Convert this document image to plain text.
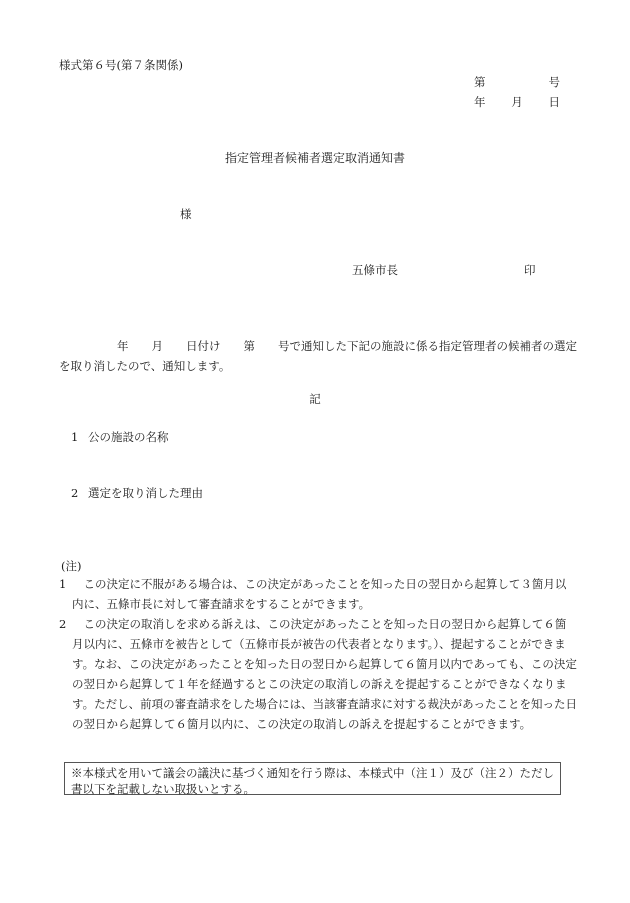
様式第６号(第７条関係)
第	号
年 月 日
指定管理者候補者選定取消通知書
様
五條市長	印
年　　月　　日付け　　第　　号で通知した下記の施設に係る指定管理者の候補者の選定を取り消したので、通知します。
記
1 公の施設の名称
2 選定を取り消した理由
(注)

1 　この決定に不服がある場合は、この決定があったことを知った日の翌日から起算して３箇月以内に、五條市長に対して審査請求をすることができます。

2 　この決定の取消しを求める訴えは、この決定があったことを知った日の翌日から起算して６箇月以内に、五條市を被告として（五條市長が被告の代表者となります。）、提起することができます。なお、この決定があったことを知った日の翌日から起算して６箇月以内であっても、この決定の翌日から起算して１年を経過するとこの決定の取消しの訴えを提起することができなくなります。ただし、前項の審査請求をした場合には、当該審査請求に対する裁決があったことを知った日の翌日から起算して６箇月以内に、この決定の取消しの訴えを提起することができます。

※本様式を用いて議会の議決に基づく通知を行う際は、本様式中（注１）及び（注２）ただし書以下を記載しない取扱いとする。
